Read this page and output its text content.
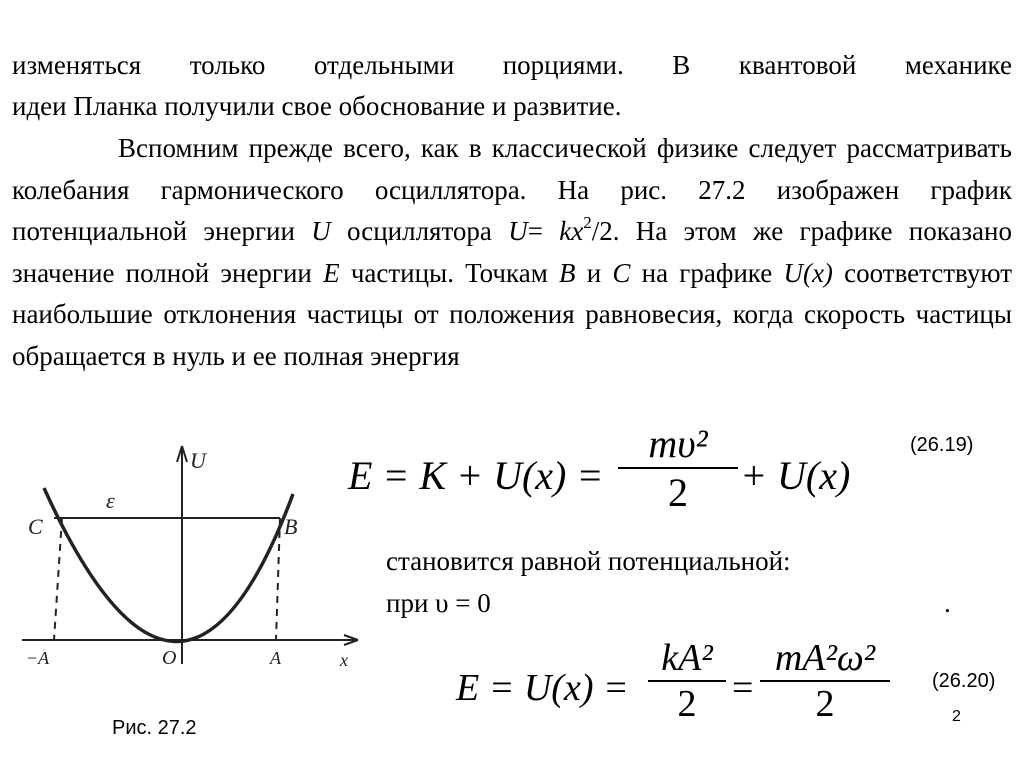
изменяться только отдельными порциями. В квантовой механике

идеи Планка получили свое обоснование и развитие.

Вспомним прежде всего, как в классической физике следует рассматривать колебания гармонического осциллятора. На рис. 27.2 изображен график потенциальной энергии U осциллятора $U= kx^2/2$. На этом же графике показано значение полной энергии E частицы. Точкам B и C на графике U(x) соответствуют наибольшие отклонения частицы от положения равновесия, когда скорость частицы обращается в нуль и ее полная энергия

U
ε
C	B
O
−A	A	x
Рис. 27.2
$E = K + U(x) = \frac{\text{mυ²}}{2} + U(x)$
(26.19)
становится равной потенциальной:
при υ = 0	.
$E = U(x) = \frac{\text{kA²}}{2} = \frac{\text{mA²ω²}}{2} (26.20)$
2
